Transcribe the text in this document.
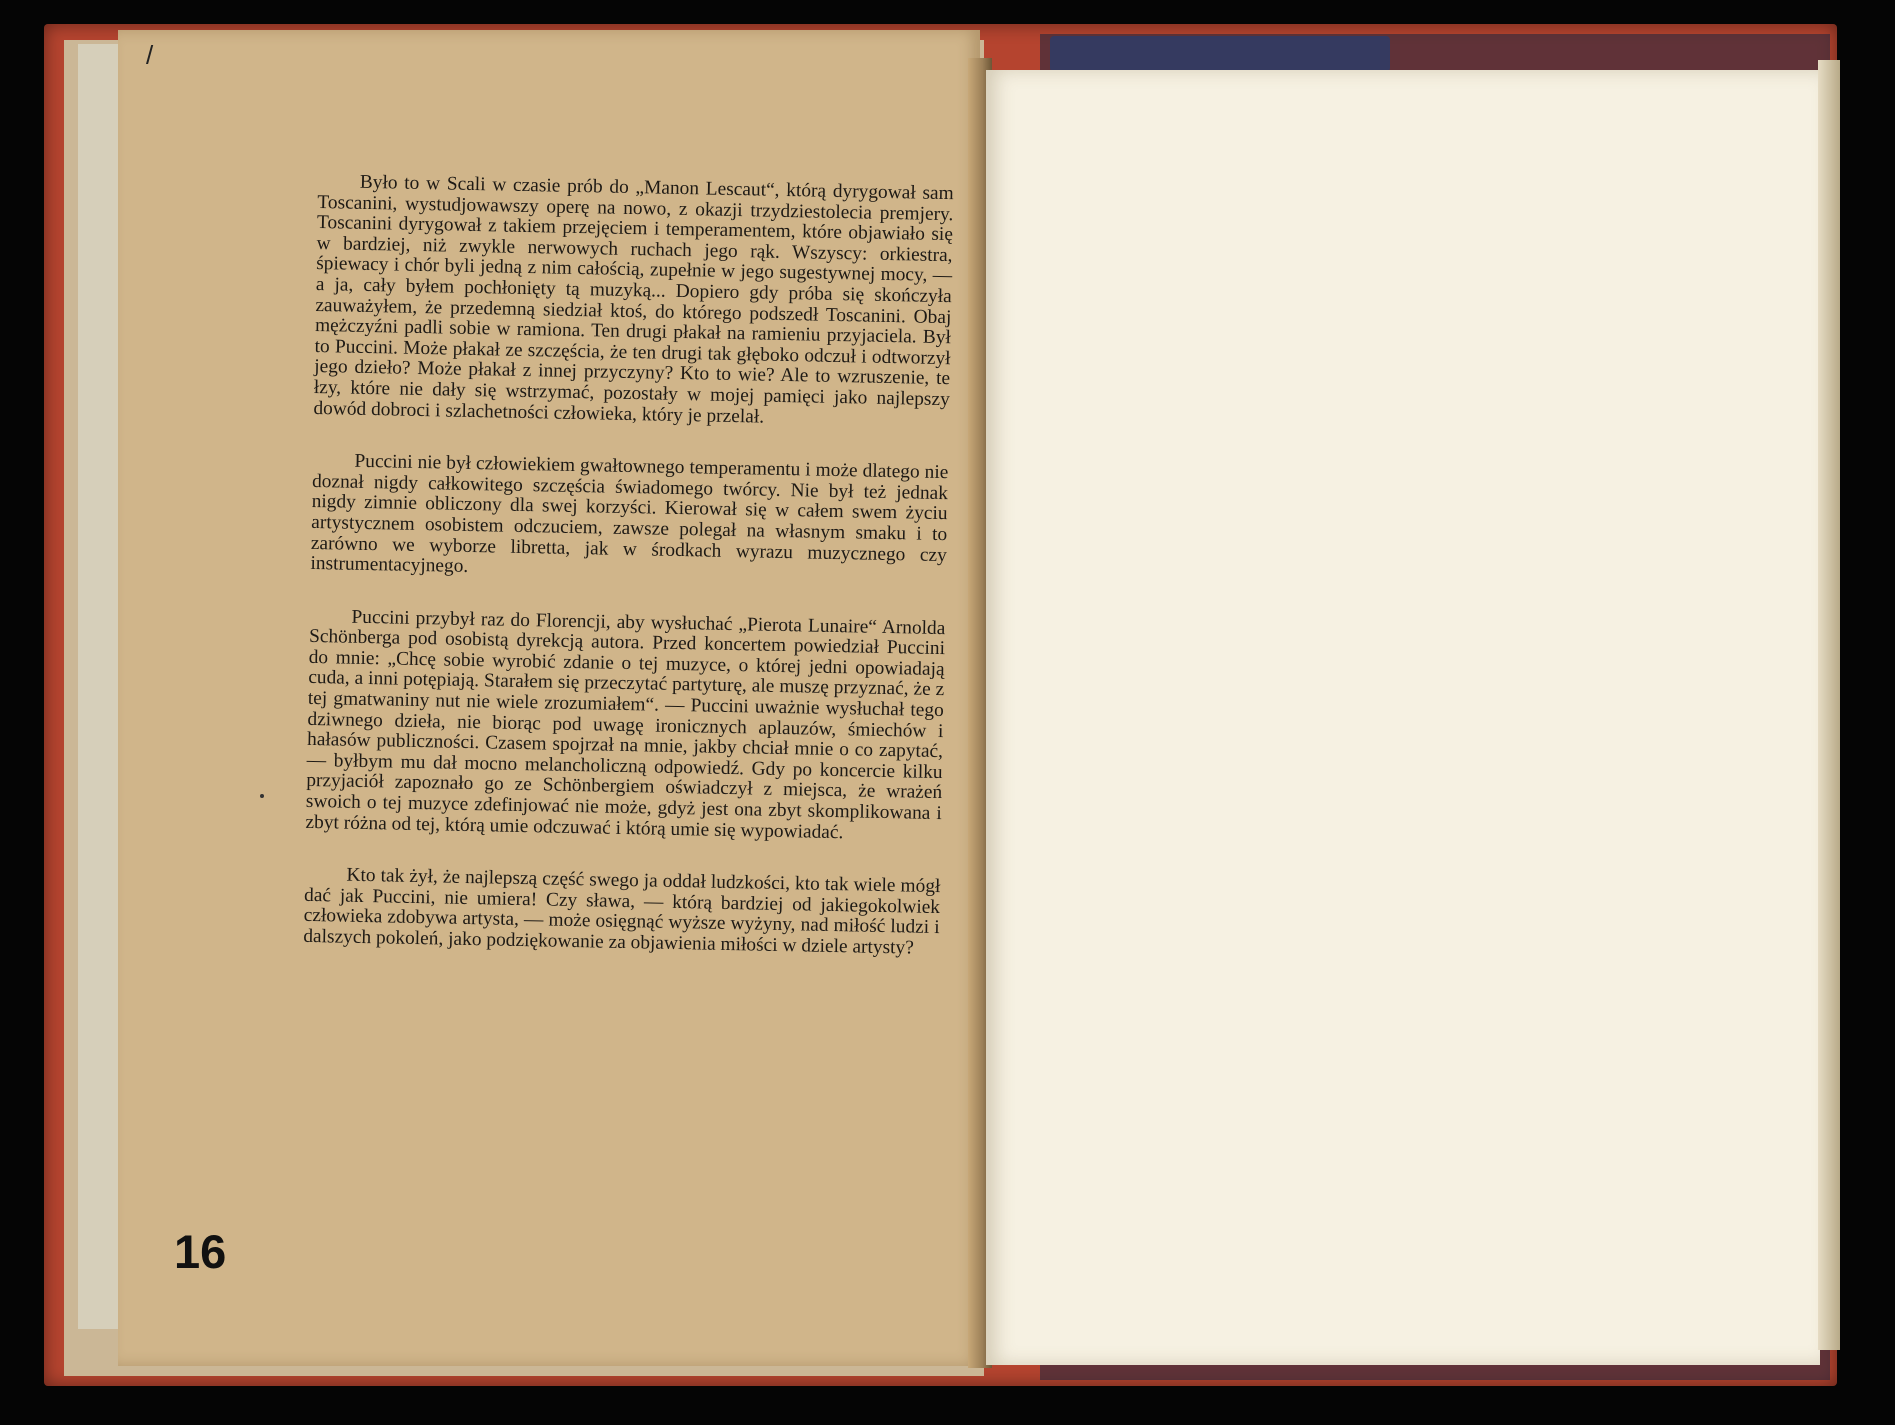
/

Było to w Scali w czasie prób do „Manon Lescaut“, którą dyrygował sam Toscanini, wystudjowawszy operę na nowo, z okazji trzydziestolecia premjery. Toscanini dyrygował z takiem przejęciem i temperamentem, które objawiało się w bardziej, niż zwykle nerwowych ruchach jego rąk. Wszyscy: orkiestra, śpiewacy i chór byli jedną z nim całością, zupełnie w jego sugestywnej mocy, — a ja, cały byłem pochłonięty tą muzyką... Dopiero gdy próba się skończyła zauważyłem, że przedemną siedział ktoś, do którego podszedł Toscanini. Obaj mężczyźni padli sobie w ramiona. Ten drugi płakał na ramieniu przyjaciela. Był to Puccini. Może płakał ze szczęścia, że ten drugi tak głęboko odczuł i odtworzył jego dzieło? Może płakał z innej przyczyny? Kto to wie? Ale to wzruszenie, te łzy, które nie dały się wstrzymać, pozostały w mojej pamięci jako najlepszy dowód dobroci i szlachetności człowieka, który je przelał.

Puccini nie był człowiekiem gwałtownego temperamentu i może dlatego nie doznał nigdy całkowitego szczęścia świadomego twórcy. Nie był też jednak nigdy zimnie obliczony dla swej korzyści. Kierował się w całem swem życiu artystycznem osobistem odczuciem, zawsze polegał na własnym smaku i to zarówno we wyborze libretta, jak w środkach wyrazu muzycznego czy instrumentacyjnego.

Puccini przybył raz do Florencji, aby wysłuchać „Pierota Lunaire“ Arnolda Schönberga pod osobistą dyrekcją autora. Przed koncertem powiedział Puccini do mnie: „Chcę sobie wyrobić zdanie o tej muzyce, o której jedni opowiadają cuda, a inni potępiają. Starałem się przeczytać partyturę, ale muszę przyznać, że z tej gmatwaniny nut nie wiele zrozumiałem“. — Puccini uważnie wysłuchał tego dziwnego dzieła, nie biorąc pod uwagę ironicznych aplauzów, śmiechów i hałasów publiczności. Czasem spojrzał na mnie, jakby chciał mnie o co zapytać, — byłbym mu dał mocno melancholiczną odpowiedź. Gdy po koncercie kilku przyjaciół zapoznało go ze Schönbergiem oświadczył z miejsca, że wrażeń swoich o tej muzyce zdefinjować nie może, gdyż jest ona zbyt skomplikowana i zbyt różna od tej, którą umie odczuwać i którą umie się wypowiadać.

Kto tak żył, że najlepszą część swego ja oddał ludzkości, kto tak wiele mógł dać jak Puccini, nie umiera! Czy sława, — którą bardziej od jakiegokolwiek człowieka zdobywa artysta, — może osięgnąć wyższe wyżyny, nad miłość ludzi i dalszych pokoleń, jako podziękowanie za objawienia miłości w dziele artysty?

16
